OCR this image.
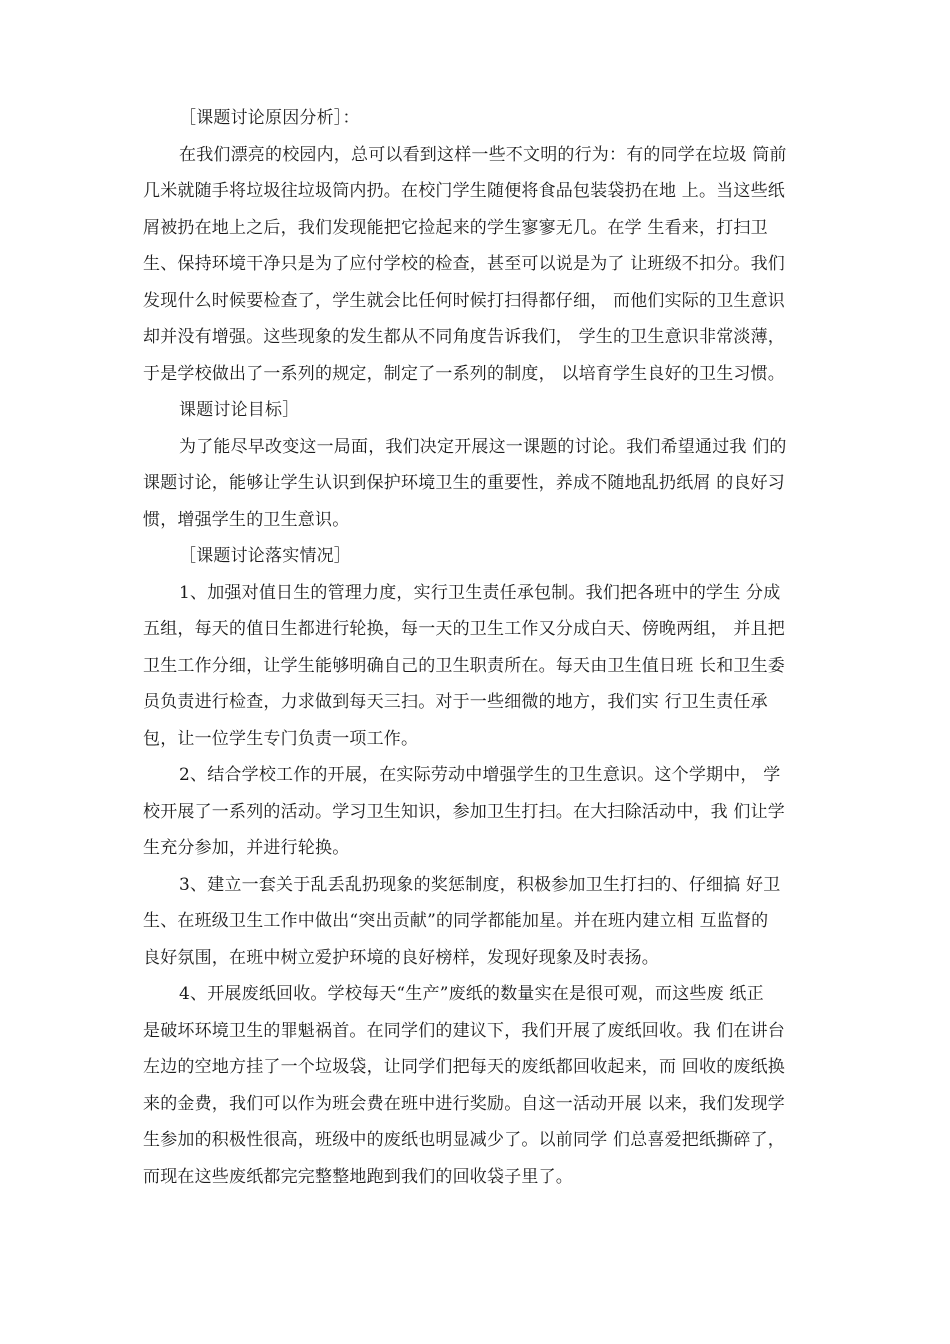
［课题讨论原因分析］：
在我们漂亮的校园内，总可以看到这样一些不文明的行为：有的同学在垃圾 筒前
几米就随手将垃圾往垃圾筒内扔。在校门学生随便将食品包装袋扔在地 上。当这些纸
屑被扔在地上之后，我们发现能把它捡起来的学生寥寥无几。在学 生看来，打扫卫
生、保持环境干净只是为了应付学校的检查，甚至可以说是为了 让班级不扣分。我们
发现什么时候要检查了，学生就会比任何时候打扫得都仔细， 而他们实际的卫生意识
却并没有增强。这些现象的发生都从不同角度告诉我们， 学生的卫生意识非常淡薄，
于是学校做出了一系列的规定，制定了一系列的制度， 以培育学生良好的卫生习惯。
课题讨论目标］
为了能尽早改变这一局面，我们决定开展这一课题的讨论。我们希望通过我 们的
课题讨论，能够让学生认识到保护环境卫生的重要性，养成不随地乱扔纸屑 的良好习
惯，增强学生的卫生意识。
［课题讨论落实情况］
1、加强对值日生的管理力度，实行卫生责任承包制。我们把各班中的学生 分成
五组，每天的值日生都进行轮换，每一天的卫生工作又分成白天、傍晚两组， 并且把
卫生工作分细，让学生能够明确自己的卫生职责所在。每天由卫生值日班 长和卫生委
员负责进行检查，力求做到每天三扫。对于一些细微的地方，我们实 行卫生责任承
包，让一位学生专门负责一项工作。
2、结合学校工作的开展，在实际劳动中增强学生的卫生意识。这个学期中， 学
校开展了一系列的活动。学习卫生知识，参加卫生打扫。在大扫除活动中，我 们让学
生充分参加，并进行轮换。
3、建立一套关于乱丢乱扔现象的奖惩制度，积极参加卫生打扫的、仔细搞 好卫
生、在班级卫生工作中做出“突出贡献”的同学都能加星。并在班内建立相 互监督的
良好氛围，在班中树立爱护环境的良好榜样，发现好现象及时表扬。
4、开展废纸回收。学校每天“生产”废纸的数量实在是很可观，而这些废 纸正
是破坏环境卫生的罪魁祸首。在同学们的建议下，我们开展了废纸回收。我 们在讲台
左边的空地方挂了一个垃圾袋，让同学们把每天的废纸都回收起来，而 回收的废纸换
来的金费，我们可以作为班会费在班中进行奖励。自这一活动开展 以来，我们发现学
生参加的积极性很高，班级中的废纸也明显减少了。以前同学 们总喜爱把纸撕碎了，
而现在这些废纸都完完整整地跑到我们的回收袋子里了。
